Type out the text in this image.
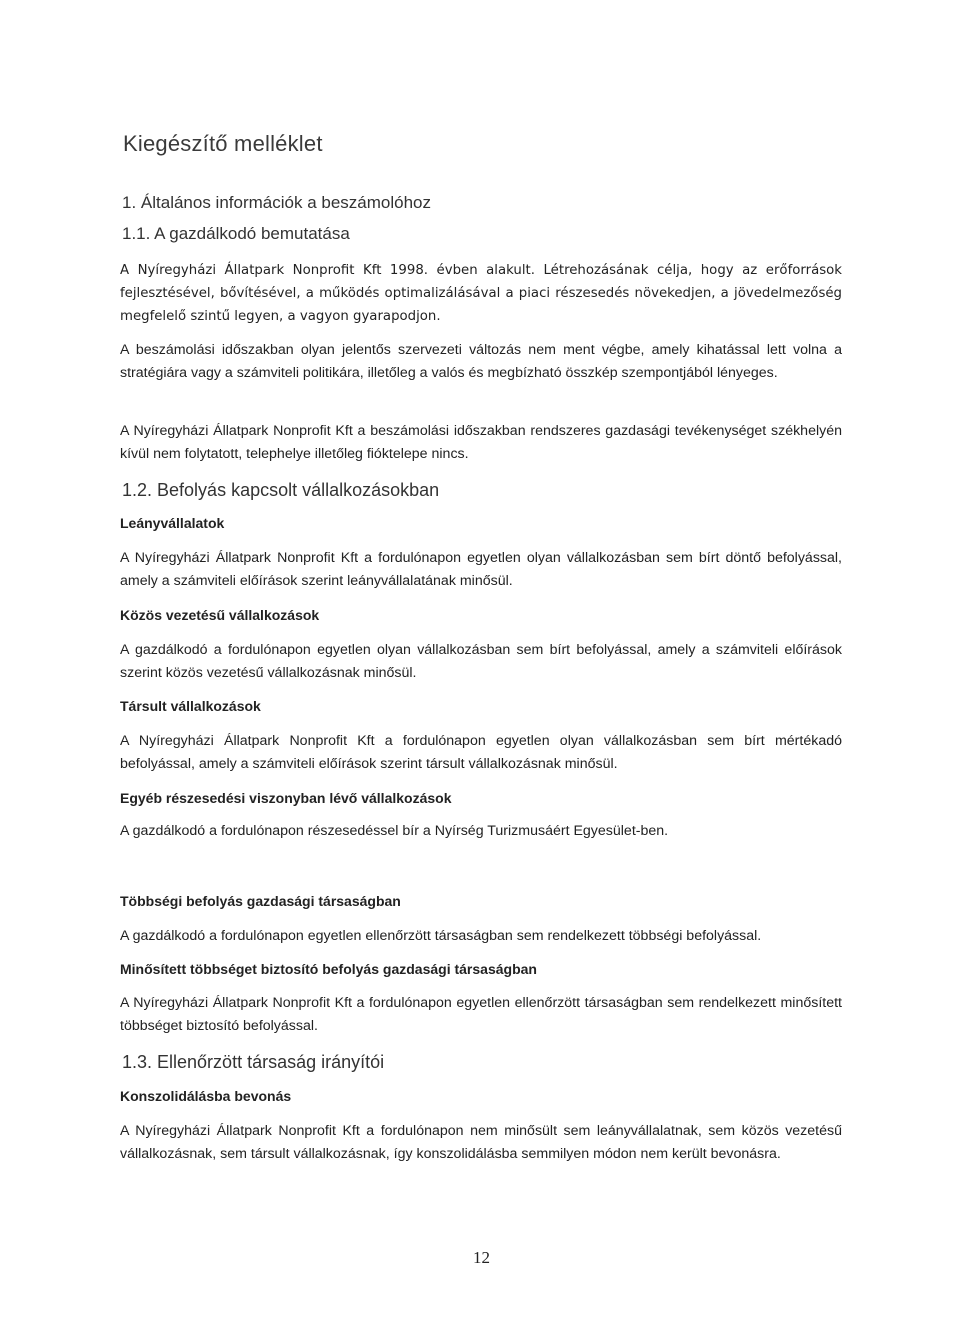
Kiegészítő melléklet
1. Általános információk a beszámolóhoz
1.1. A gazdálkodó bemutatása

A Nyíregyházi Állatpark Nonprofit Kft 1998. évben alakult. Létrehozásának célja, hogy az erőforrások fejlesztésével, bővítésével, a működés optimalizálásával a piaci részesedés növekedjen, a jövedelmezőség megfelelő szintű legyen, a vagyon gyarapodjon.

A beszámolási időszakban olyan jelentős szervezeti változás nem ment végbe, amely kihatással lett volna a stratégiára vagy a számviteli politikára, illetőleg a valós és megbízható összkép szempontjából lényeges.

A Nyíregyházi Állatpark Nonprofit Kft a beszámolási időszakban rendszeres gazdasági tevékenységet székhelyén kívül nem folytatott, telephelye illetőleg fióktelepe nincs.

1.2. Befolyás kapcsolt vállalkozásokban
Leányvállalatok

A Nyíregyházi Állatpark Nonprofit Kft a fordulónapon egyetlen olyan vállalkozásban sem bírt döntő befolyással, amely a számviteli előírások szerint leányvállalatának minősül.

Közös vezetésű vállalkozások

A gazdálkodó a fordulónapon egyetlen olyan vállalkozásban sem bírt befolyással, amely a számviteli előírások szerint közös vezetésű vállalkozásnak minősül.

Társult vállalkozások

A Nyíregyházi Állatpark Nonprofit Kft a fordulónapon egyetlen olyan vállalkozásban sem bírt mértékadó befolyással, amely a számviteli előírások szerint társult vállalkozásnak minősül.

Egyéb részesedési viszonyban lévő vállalkozások

A gazdálkodó a fordulónapon részesedéssel bír a Nyírség Turizmusáért Egyesület-ben.

Többségi befolyás gazdasági társaságban

A gazdálkodó a fordulónapon egyetlen ellenőrzött társaságban sem rendelkezett többségi befolyással.

Minősített többséget biztosító befolyás gazdasági társaságban

A Nyíregyházi Állatpark Nonprofit Kft a fordulónapon egyetlen ellenőrzött társaságban sem rendelkezett minősített többséget biztosító befolyással.

1.3. Ellenőrzött társaság irányítói
Konszolidálásba bevonás

A Nyíregyházi Állatpark Nonprofit Kft a fordulónapon nem minősült sem leányvállalatnak, sem közös vezetésű vállalkozásnak, sem társult vállalkozásnak, így konszolidálásba semmilyen módon nem került bevonásra.

12
